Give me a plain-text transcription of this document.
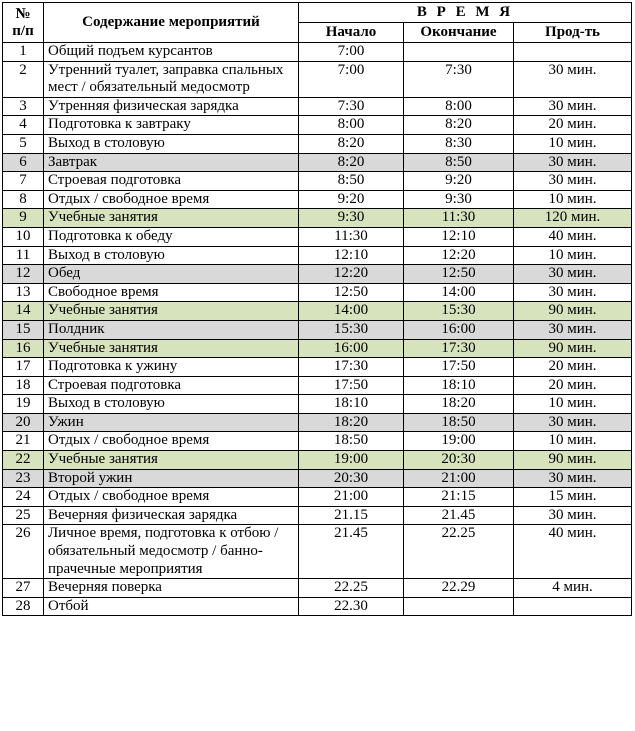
№
п/п	Содержание мероприятий	В Р Е М Я		
		Начало	Окончание	Прод-ть
1	Общий подъем курсантов	7:00		
2	Утренний туалет, заправка спальных мест / обязательный медосмотр	7:00	7:30	30 мин.
3	Утренняя физическая зарядка	7:30	8:00	30 мин.
4	Подготовка к завтраку	8:00	8:20	20 мин.
5	Выход в столовую	8:20	8:30	10 мин.
6	Завтрак	8:20	8:50	30 мин.
7	Строевая подготовка	8:50	9:20	30 мин.
8	Отдых / свободное время	9:20	9:30	10 мин.
9	Учебные занятия	9:30	11:30	120 мин.
10	Подготовка к обеду	11:30	12:10	40 мин.
11	Выход в столовую	12:10	12:20	10 мин.
12	Обед	12:20	12:50	30 мин.
13	Свободное время	12:50	14:00	30 мин.
14	Учебные занятия	14:00	15:30	90 мин.
15	Полдник	15:30	16:00	30 мин.
16	Учебные занятия	16:00	17:30	90 мин.
17	Подготовка к ужину	17:30	17:50	20 мин.
18	Строевая подготовка	17:50	18:10	20 мин.
19	Выход в столовую	18:10	18:20	10 мин.
20	Ужин	18:20	18:50	30 мин.
21	Отдых / свободное время	18:50	19:00	10 мин.
22	Учебные занятия	19:00	20:30	90 мин.
23	Второй ужин	20:30	21:00	30 мин.
24	Отдых / свободное время	21:00	21:15	15 мин.
25	Вечерняя физическая зарядка	21.15	21.45	30 мин.
26	Личное время, подготовка к отбою / обязательный медосмотр / банно-прачечные мероприятия	21.45	22.25	40 мин.
27	Вечерняя поверка	22.25	22.29	4 мин.
28	Отбой	22.30		
